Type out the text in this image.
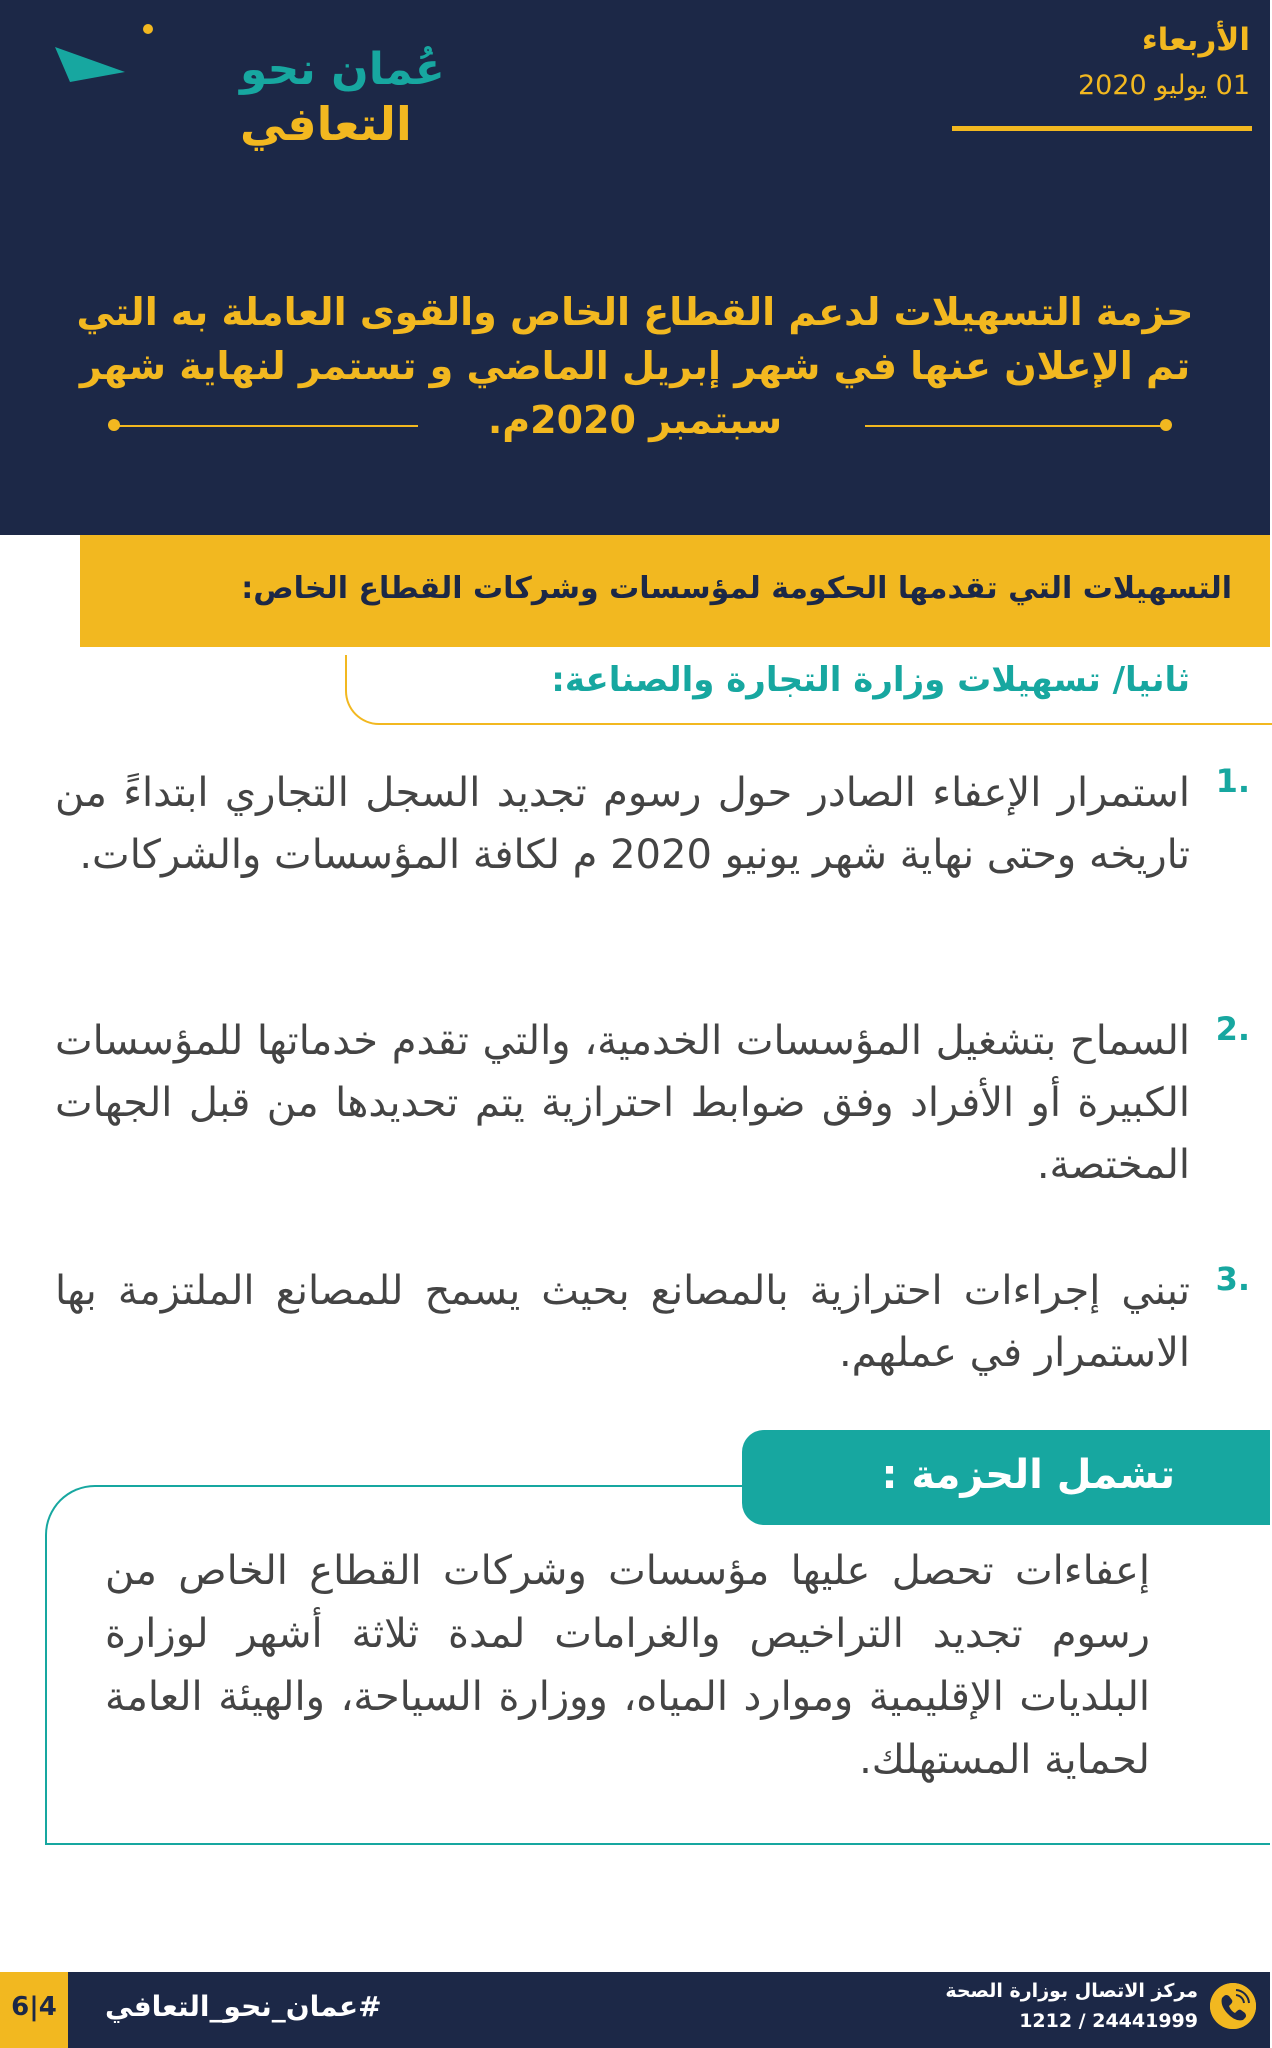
عُمان نحو
التعافي
الأربعاء
01 يوليو 2020
حزمة التسهيلات لدعم القطاع الخاص والقوى العاملة به التي تم الإعلان عنها في شهر إبريل الماضي و تستمر لنهاية شهر سبتمبر 2020م.
التسهيلات التي تقدمها الحكومة لمؤسسات وشركات القطاع الخاص:
ثانيا/ تسهيلات وزارة التجارة والصناعة:
1.
استمرار الإعفاء الصادر حول رسوم تجديد السجل التجاري ابتداءً من تاريخه وحتى نهاية شهر يونيو 2020 م لكافة المؤسسات والشركات.
2.
السماح بتشغيل المؤسسات الخدمية، والتي تقدم خدماتها للمؤسسات الكبيرة أو الأفراد وفق ضوابط احترازية يتم تحديدها من قبل الجهات المختصة.
3.
تبني إجراءات احترازية بالمصانع بحيث يسمح للمصانع الملتزمة بها الاستمرار في عملهم.
تشمل الحزمة :
إعفاءات تحصل عليها مؤسسات وشركات القطاع الخاص من رسوم تجديد التراخيص والغرامات لمدة ثلاثة أشهر لوزارة البلديات الإقليمية وموارد المياه، ووزارة السياحة، والهيئة العامة لحماية المستهلك.
6|4	#عمان_نحو_التعافي	مركز الاتصال بوزارة الصحة
1212 / 24441999
